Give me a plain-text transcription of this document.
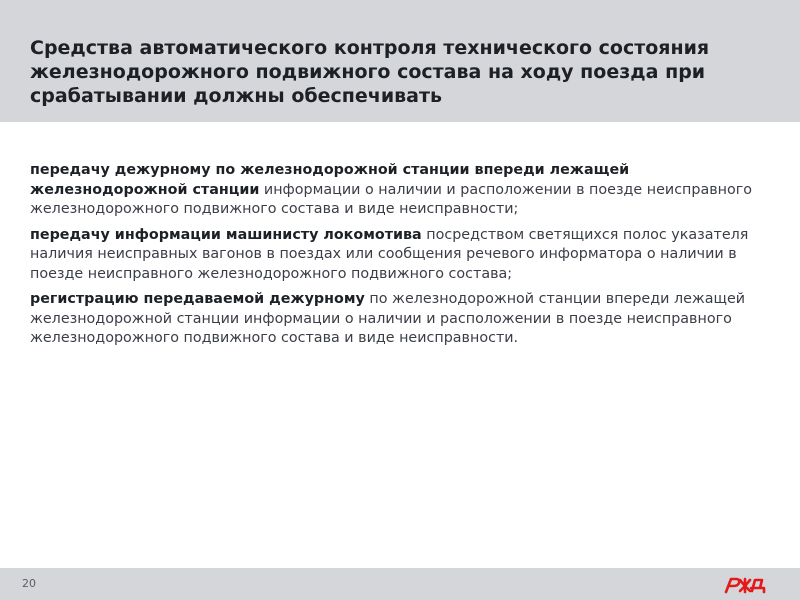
Средства автоматического контроля технического состояния железнодорожного подвижного состава на ходу поезда при срабатывании должны обеспечивать
передачу дежурному по железнодорожной станции впереди лежащей железнодорожной станции информации о наличии и расположении в поезде неисправного железнодорожного подвижного состава и виде неисправности;
передачу информации машинисту локомотива посредством светящихся полос указателя наличия неисправных вагонов в поездах или сообщения речевого информатора о наличии в поезде неисправного железнодорожного подвижного состава;
регистрацию передаваемой дежурному по железнодорожной станции впереди лежащей железнодорожной станции информации о наличии и расположении в поезде неисправного железнодорожного подвижного состава и виде неисправности.
20
